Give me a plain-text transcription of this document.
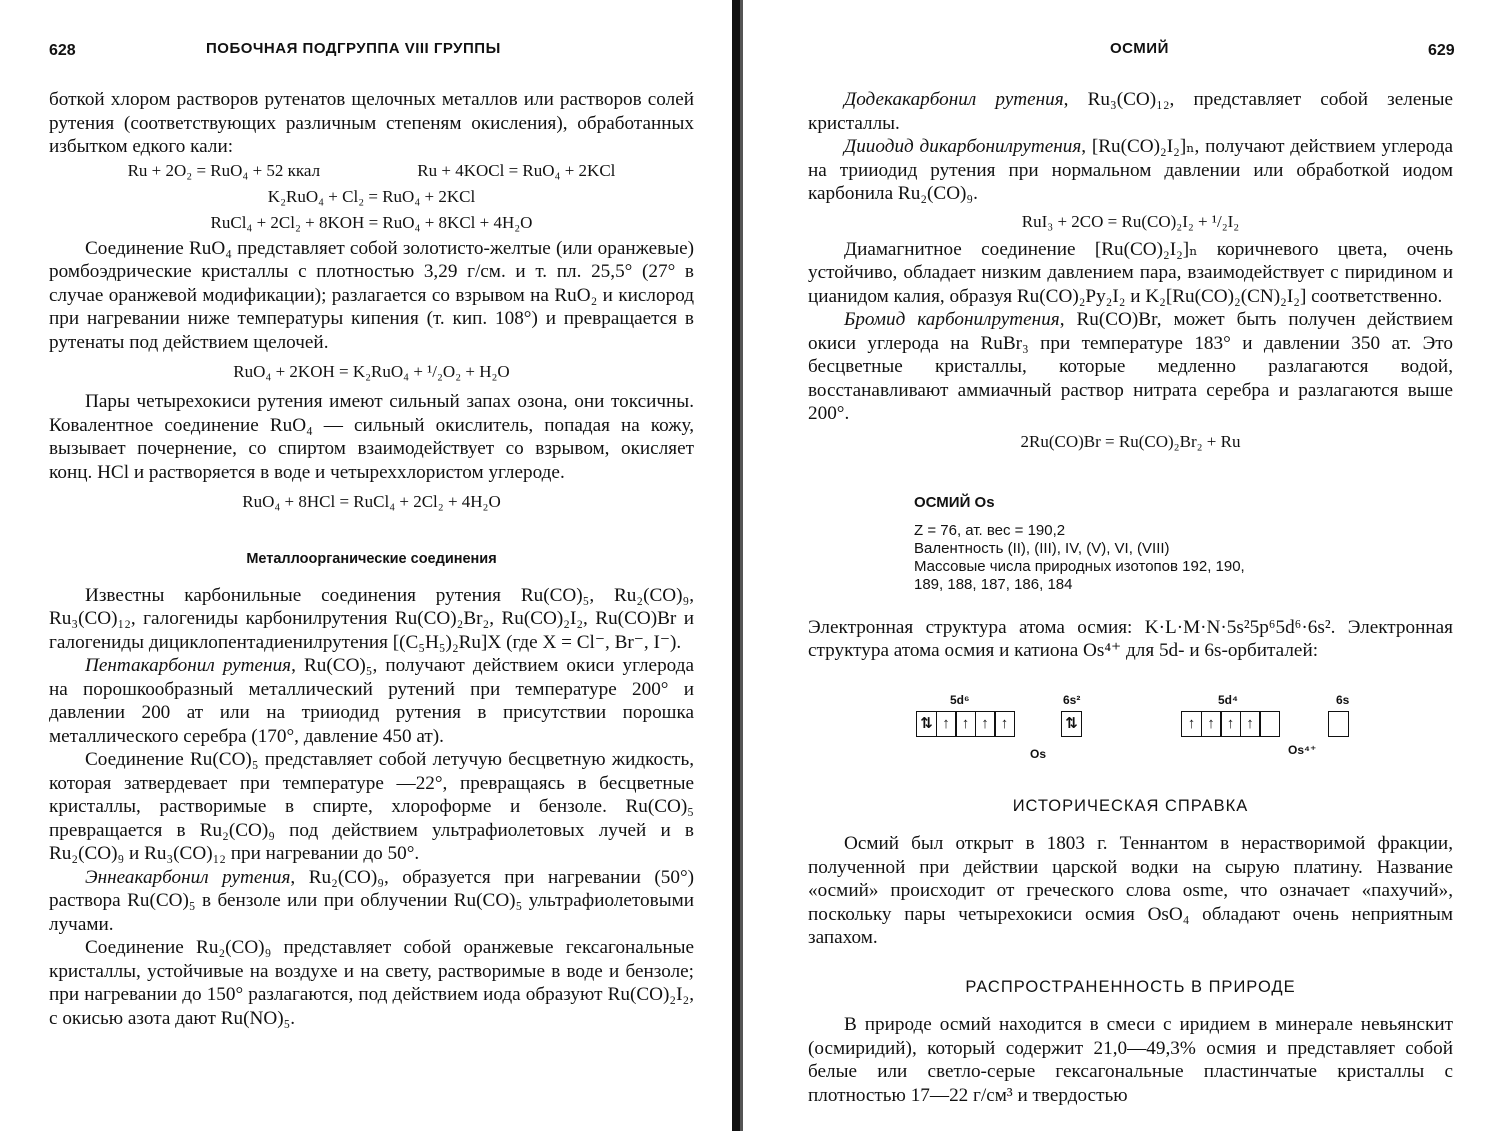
628	ПОБОЧНАЯ ПОДГРУППА VIII ГРУППЫ

боткой хлором растворов рутенатов щелочных металлов или растворов солей рутения (соответствующих различным степеням окисления), обработанных избытком едкого кали:

Ru + 2O₂ = RuO₄ + 52 ккал	Ru + 4KOCl = RuO₄ + 2KCl
K₂RuO₄ + Cl₂ = RuO₄ + 2KCl
RuCl₄ + 2Cl₂ + 8KOH = RuO₄ + 8KCl + 4H₂O

Соединение RuO₄ представляет собой золотисто-желтые (или оранжевые) ромбоэдрические кристаллы с плотностью 3,29 г/см. и т. пл. 25,5° (27° в случае оранжевой модификации); разлагается со взрывом на RuO₂ и кислород при нагревании ниже температуры кипения (т. кип. 108°) и превращается в рутенаты под действием щелочей.

RuO₄ + 2KOH = K₂RuO₄ + ¹/₂O₂ + H₂O

Пары четырехокиси рутения имеют сильный запах озона, они токсичны. Ковалентное соединение RuO₄ — сильный окислитель, попадая на кожу, вызывает почернение, со спиртом взаимодействует со взрывом, окисляет конц. HCl и растворяется в воде и четыреххлористом углероде.

RuO₄ + 8HCl = RuCl₄ + 2Cl₂ + 4H₂O
Металлоорганические соединения

Известны карбонильные соединения рутения Ru(CO)₅, Ru₂(CO)₉, Ru₃(CO)₁₂, галогениды карбонилрутения Ru(CO)₂Br₂, Ru(CO)₂I₂, Ru(CO)Br и галогениды дициклопентадиенилрутения [(C₅H₅)₂Ru]X (где X = Cl⁻, Br⁻, I⁻).

Пентакарбонил рутения, Ru(CO)₅, получают действием окиси углерода на порошкообразный металлический рутений при температуре 200° и давлении 200 ат или на трииодид рутения в присутствии порошка металлического серебра (170°, давление 450 ат).

Соединение Ru(CO)₅ представляет собой летучую бесцветную жидкость, которая затвердевает при температуре —22°, превращаясь в бесцветные кристаллы, растворимые в спирте, хлороформе и бензоле. Ru(CO)₅ превращается в Ru₂(CO)₉ под действием ультрафиолетовых лучей и в Ru₂(CO)₉ и Ru₃(CO)₁₂ при нагревании до 50°.

Эннеакарбонил рутения, Ru₂(CO)₉, образуется при нагревании (50°) раствора Ru(CO)₅ в бензоле или при облучении Ru(CO)₅ ультрафиолетовыми лучами.

Соединение Ru₂(CO)₉ представляет собой оранжевые гексагональные кристаллы, устойчивые на воздухе и на свету, растворимые в воде и бензоле; при нагревании до 150° разлагаются, под действием иода образуют Ru(CO)₂I₂, с окисью азота дают Ru(NO)₅.

ОСМИЙ	629

Додекакарбонил рутения, Ru₃(CO)₁₂, представляет собой зеленые кристаллы.

Дииодид дикарбонилрутения, [Ru(CO)₂I₂]ₙ, получают действием углерода на трииодид рутения при нормальном давлении или обработкой иодом карбонила Ru₂(CO)₉.

RuI₃ + 2CO = Ru(CO)₂I₂ + ¹/₂I₂

Диамагнитное соединение [Ru(CO)₂I₂]ₙ коричневого цвета, очень устойчиво, обладает низким давлением пара, взаимодействует с пиридином и цианидом калия, образуя Ru(CO)₂Py₂I₂ и K₂[Ru(CO)₂(CN)₂I₂] соответственно.

Бромид карбонилрутения, Ru(CO)Br, может быть получен действием окиси углерода на RuBr₃ при температуре 183° и давлении 350 ат. Это бесцветные кристаллы, которые медленно разлагаются водой, восстанавливают аммиачный раствор нитрата серебра и разлагаются выше 200°.

2Ru(CO)Br = Ru(CO)₂Br₂ + Ru
ОСМИЙ Os
Z = 76, ат. вес = 190,2
Валентность (II), (III), IV, (V), VI, (VIII)
Массовые числа природных изотопов 192, 190,
189, 188, 187, 186, 184

Электронная структура атома осмия: K·L·M·N·5s²5p⁶5d⁶·6s². Электронная структура атома осмия и катиона Os⁴⁺ для 5d- и 6s-орбиталей:

5d⁶	6s²	5d⁴	6s
⇅ ↑ ↑ ↑ ↑	⇅	↑ ↑ ↑ ↑
Os	Os⁴⁺
ИСТОРИЧЕСКАЯ СПРАВКА

Осмий был открыт в 1803 г. Теннантом в нерастворимой фракции, полученной при действии царской водки на сырую платину. Название «осмий» происходит от греческого слова osme, что означает «пахучий», поскольку пары четырехокиси осмия OsO₄ обладают очень неприятным запахом.

РАСПРОСТРАНЕННОСТЬ В ПРИРОДЕ

В природе осмий находится в смеси с иридием в минерале невьянскит (осмиридий), который содержит 21,0—49,3% осмия и представляет собой белые или светло-серые гексагональные пластинчатые кристаллы с плотностью 17—22 г/см³ и твердостью
